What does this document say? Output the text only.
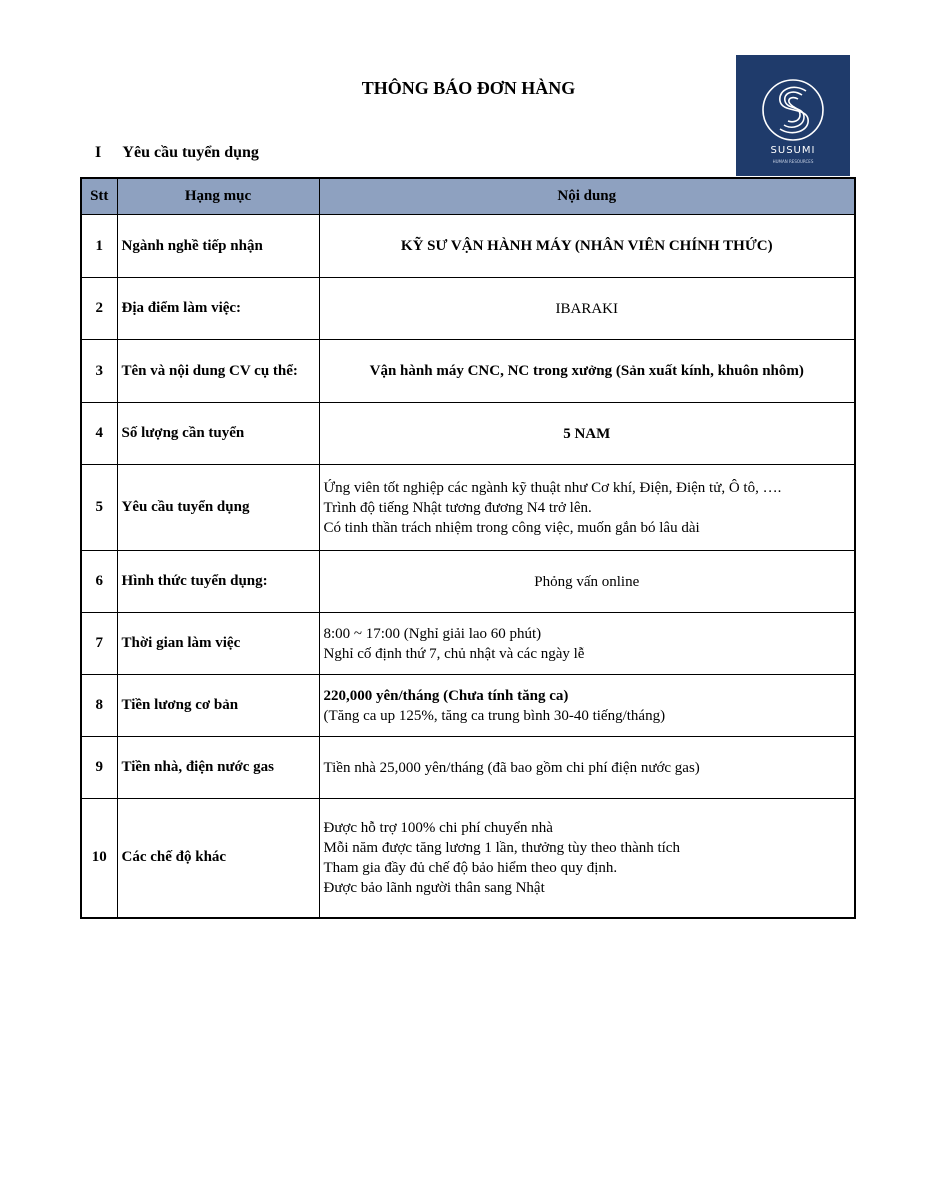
THÔNG BÁO ĐƠN HÀNG
SUSUMI
HUMAN RESOURCES
I Yêu cầu tuyển dụng
Stt	Hạng mục	Nội dung
1	Ngành nghề tiếp nhận	KỸ SƯ VẬN HÀNH MÁY (NHÂN VIÊN CHÍNH THỨC)

2	Địa điểm làm việc:	IBARAKI

3	Tên và nội dung CV cụ thể:	Vận hành máy CNC, NC trong xưởng (Sản xuất kính, khuôn nhôm)

4	Số lượng cần tuyển	5 NAM

5	Yêu cầu tuyển dụng	Ứng viên tốt nghiệp các ngành kỹ thuật như Cơ khí, Điện, Điện tử, Ô tô, ….
Trình độ tiếng Nhật tương đương N4 trở lên.
Có tinh thần trách nhiệm trong công việc, muốn gắn bó lâu dài

6	Hình thức tuyển dụng:	Phỏng vấn online

7	Thời gian làm việc	8:00 ~ 17:00 (Nghỉ giải lao 60 phút)
Nghỉ cố định thứ 7, chủ nhật và các ngày lễ

8	Tiền lương cơ bản	220,000 yên/tháng (Chưa tính tăng ca)
(Tăng ca up 125%, tăng ca trung bình 30-40 tiếng/tháng)

9	Tiền nhà, điện nước gas	Tiền nhà 25,000 yên/tháng (đã bao gồm chi phí điện nước gas)

10	Các chế độ khác	Được hỗ trợ 100% chi phí chuyển nhà
Mỗi năm được tăng lương 1 lần, thưởng tùy theo thành tích
Tham gia đầy đủ chế độ bảo hiểm theo quy định.
Được bảo lãnh người thân sang Nhật
